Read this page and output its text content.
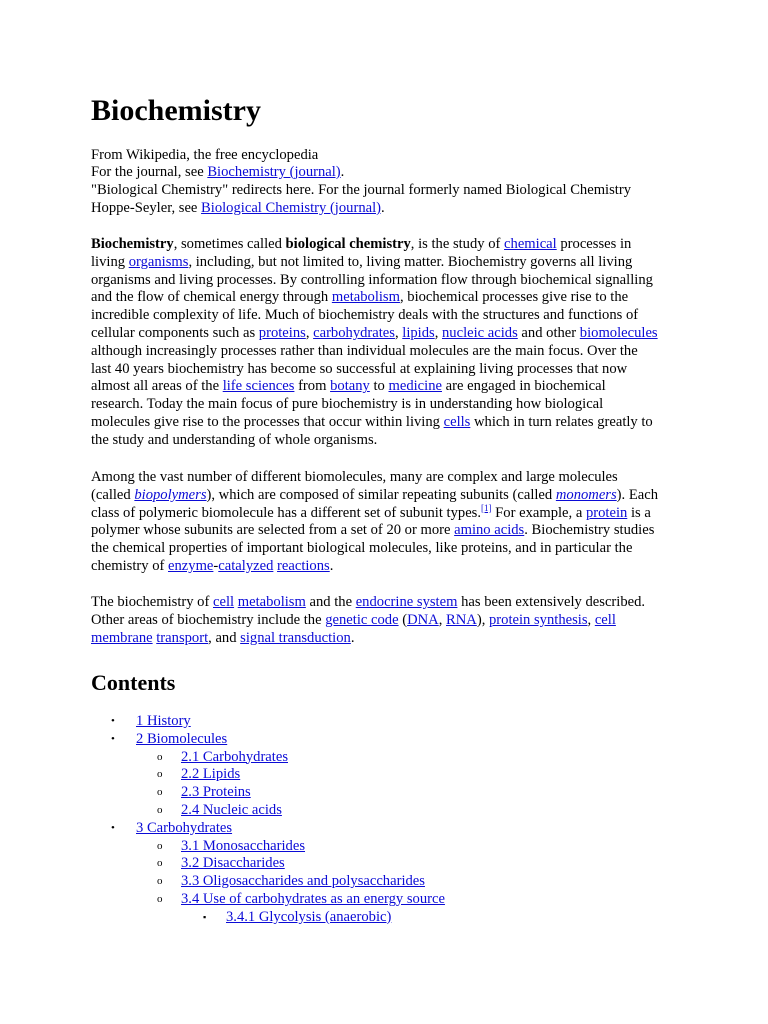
Biochemistry
From Wikipedia, the free encyclopedia
For the journal, see Biochemistry (journal).
"Biological Chemistry" redirects here. For the journal formerly named Biological Chemistry
Hoppe-Seyler, see Biological Chemistry (journal).
Biochemistry, sometimes called biological chemistry, is the study of chemical processes in
living organisms, including, but not limited to, living matter. Biochemistry governs all living
organisms and living processes. By controlling information flow through biochemical signalling
and the flow of chemical energy through metabolism, biochemical processes give rise to the
incredible complexity of life. Much of biochemistry deals with the structures and functions of
cellular components such as proteins, carbohydrates, lipids, nucleic acids and other biomolecules
although increasingly processes rather than individual molecules are the main focus. Over the
last 40 years biochemistry has become so successful at explaining living processes that now
almost all areas of the life sciences from botany to medicine are engaged in biochemical
research. Today the main focus of pure biochemistry is in understanding how biological
molecules give rise to the processes that occur within living cells which in turn relates greatly to
the study and understanding of whole organisms.
Among the vast number of different biomolecules, many are complex and large molecules
(called biopolymers), which are composed of similar repeating subunits (called monomers). Each
class of polymeric biomolecule has a different set of subunit types.[1] For example, a protein is a
polymer whose subunits are selected from a set of 20 or more amino acids. Biochemistry studies
the chemical properties of important biological molecules, like proteins, and in particular the
chemistry of enzyme-catalyzed reactions.
The biochemistry of cell metabolism and the endocrine system has been extensively described.
Other areas of biochemistry include the genetic code (DNA, RNA), protein synthesis, cell
membrane transport, and signal transduction.
Contents
• 1 History
• 2 Biomolecules
o 2.1 Carbohydrates
o 2.2 Lipids
o 2.3 Proteins
o 2.4 Nucleic acids
• 3 Carbohydrates
o 3.1 Monosaccharides
o 3.2 Disaccharides
o 3.3 Oligosaccharides and polysaccharides
o 3.4 Use of carbohydrates as an energy source
▪ 3.4.1 Glycolysis (anaerobic)
